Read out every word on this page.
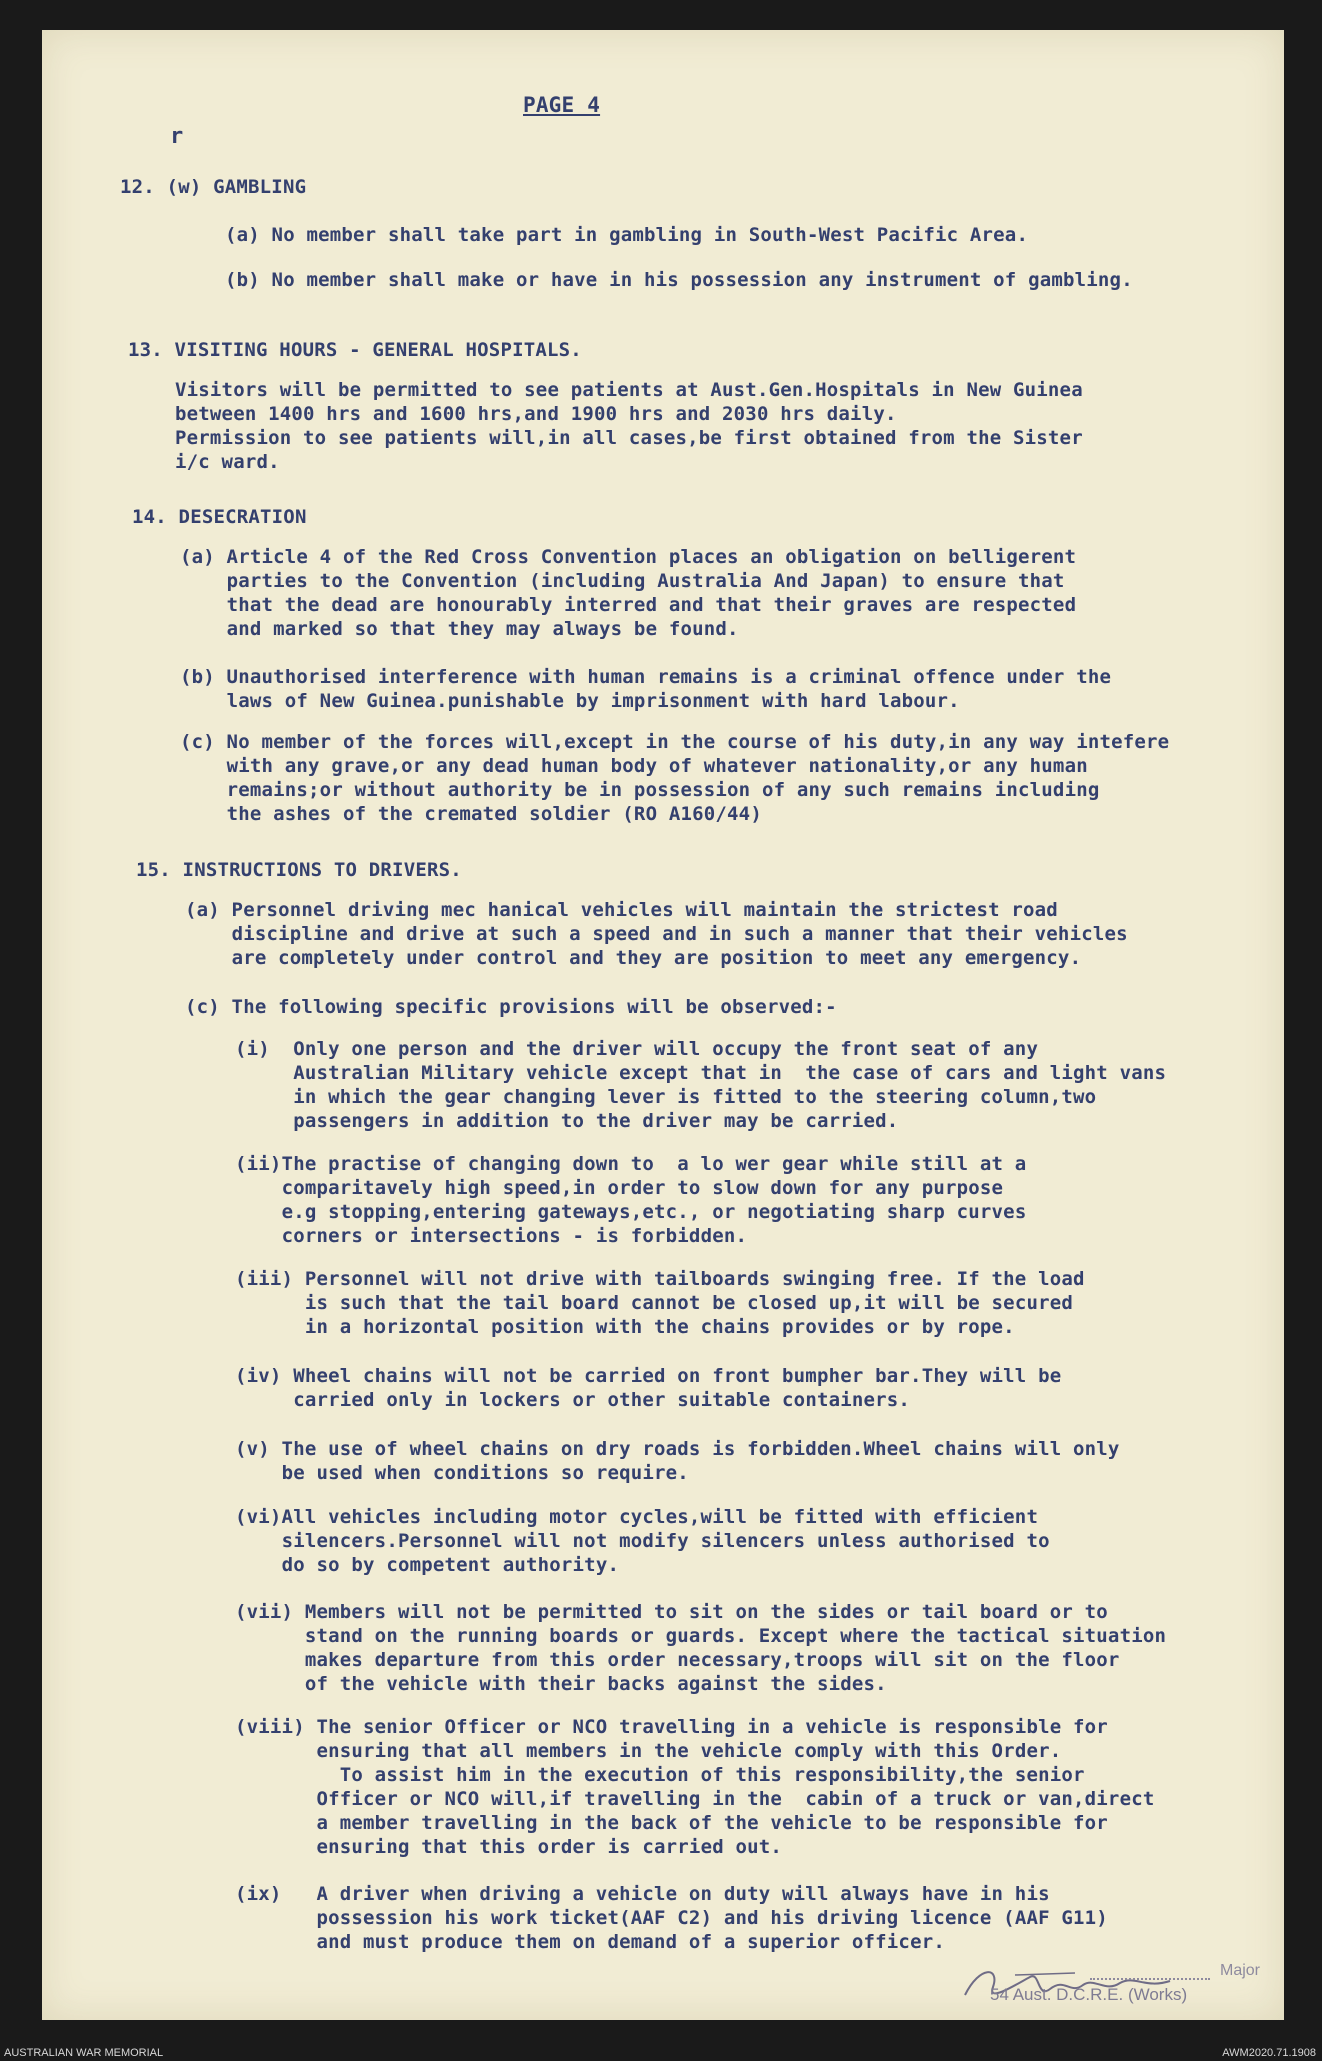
PAGE 4

r

12. (w) GAMBLING

(a) No member shall take part in gambling in South-West Pacific Area.

(b) No member shall make or have in his possession any instrument of gambling.

13. VISITING HOURS - GENERAL HOSPITALS.

Visitors will be permitted to see patients at Aust.Gen.Hospitals in New Guinea
between 1400 hrs and 1600 hrs,and 1900 hrs and 2030 hrs daily.
Permission to see patients will,in all cases,be first obtained from the Sister
i/c ward.

14. DESECRATION

(a) Article 4 of the Red Cross Convention places an obligation on belligerent
parties to the Convention (including Australia And Japan) to ensure that
that the dead are honourably interred and that their graves are respected
and marked so that they may always be found.

(b) Unauthorised interference with human remains is a criminal offence under the
laws of New Guinea.punishable by imprisonment with hard labour.

(c) No member of the forces will,except in the course of his duty,in any way intefere
with any grave,or any dead human body of whatever nationality,or any human
remains;or without authority be in possession of any such remains including
the ashes of the cremated soldier (RO A160/44)

15. INSTRUCTIONS TO DRIVERS.

(a) Personnel driving mec hanical vehicles will maintain the strictest road
discipline and drive at such a speed and in such a manner that their vehicles
are completely under control and they are position to meet any emergency.

(c) The following specific provisions will be observed:-

(i)  Only one person and the driver will occupy the front seat of any
Australian Military vehicle except that in  the case of cars and light vans
in which the gear changing lever is fitted to the steering column,two
passengers in addition to the driver may be carried.

(ii)The practise of changing down to  a lo wer gear while still at a
comparitavely high speed,in order to slow down for any purpose
e.g stopping,entering gateways,etc., or negotiating sharp curves
corners or intersections - is forbidden.

(iii) Personnel will not drive with tailboards swinging free. If the load
is such that the tail board cannot be closed up,it will be secured
in a horizontal position with the chains provides or by rope.

(iv) Wheel chains will not be carried on front bumpher bar.They will be
carried only in lockers or other suitable containers.

(v) The use of wheel chains on dry roads is forbidden.Wheel chains will only
be used when conditions so require.

(vi)All vehicles including motor cycles,will be fitted with efficient
silencers.Personnel will not modify silencers unless authorised to
do so by competent authority.

(vii) Members will not be permitted to sit on the sides or tail board or to
stand on the running boards or guards. Except where the tactical situation
makes departure from this order necessary,troops will sit on the floor
of the vehicle with their backs against the sides.

(viii) The senior Officer or NCO travelling in a vehicle is responsible for
ensuring that all members in the vehicle comply with this Order.
To assist him in the execution of this responsibility,the senior
Officer or NCO will,if travelling in the  cabin of a truck or van,direct
a member travelling in the back of the vehicle to be responsible for
ensuring that this order is carried out.

(ix)   A driver when driving a vehicle on duty will always have in his
possession his work ticket(AAF C2) and his driving licence (AAF G11)
and must produce them on demand of a superior officer.

Major
54 Aust. D.C.R.E. (Works)
AUSTRALIAN WAR MEMORIAL	AWM2020.71.1908
